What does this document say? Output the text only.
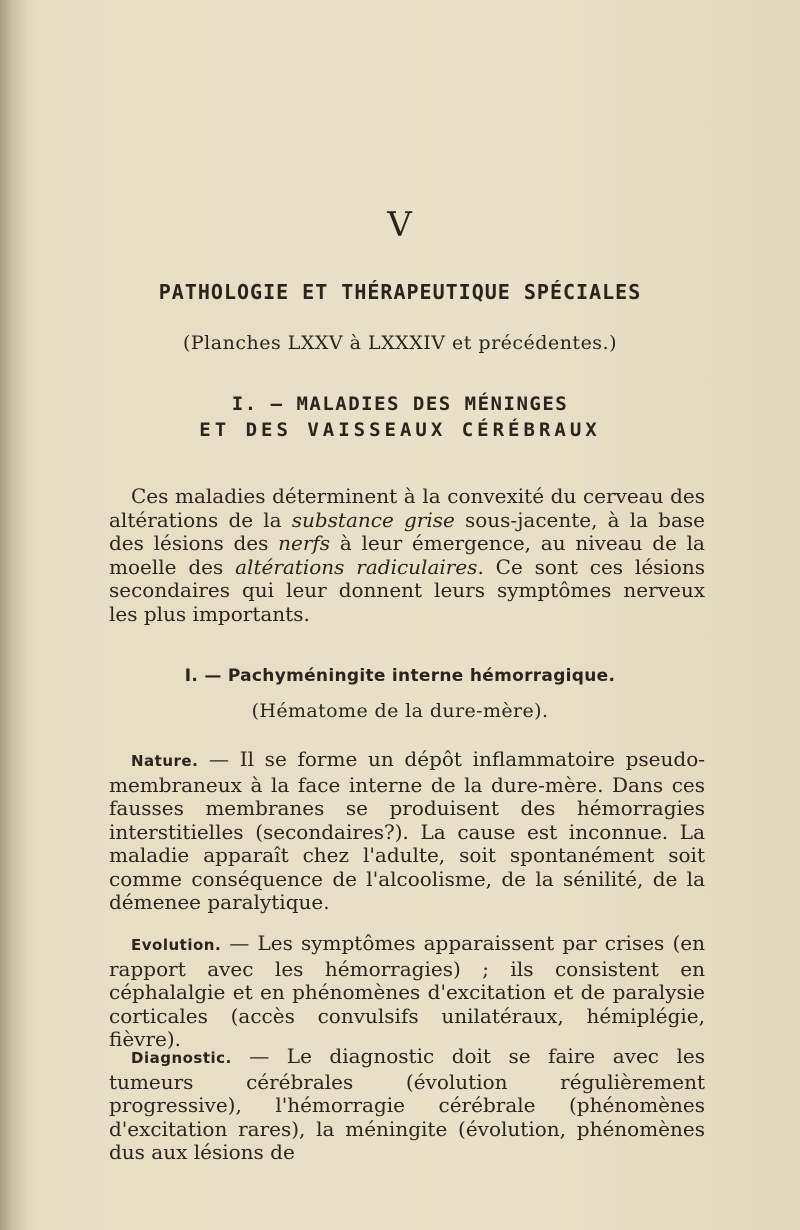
V
PATHOLOGIE ET THÉRAPEUTIQUE SPÉCIALES
(Planches LXXV à LXXXIV et précédentes.)
I. — MALADIES DES MÉNINGES
ET DES VAISSEAUX CÉRÉBRAUX
Ces maladies déterminent à la convexité du cerveau des altérations de la substance grise sous-jacente, à la base des lésions des nerfs à leur émergence, au niveau de la moelle des altérations radiculaires. Ce sont ces lésions secondaires qui leur donnent leurs symptômes nerveux les plus importants.
I. — Pachyméningite interne hémorragique.
(Hématome de la dure-mère).
Nature. — Il se forme un dépôt inflammatoire pseudo-membraneux à la face interne de la dure-mère. Dans ces fausses membranes se produisent des hémorragies interstitielles (secondaires?). La cause est inconnue. La maladie apparaît chez l'adulte, soit spontanément soit comme conséquence de l'alcoolisme, de la sénilité, de la démenee paralytique.
Evolution. — Les symptômes apparaissent par crises (en rapport avec les hémorragies) ; ils consistent en céphalalgie et en phénomènes d'excitation et de paralysie corticales (accès convulsifs unilatéraux, hémiplégie, fièvre).
Diagnostic. — Le diagnostic doit se faire avec les tumeurs cérébrales (évolution régulièrement progressive), l'hémorragie cérébrale (phénomènes d'excitation rares), la méningite (évolution, phénomènes dus aux lésions de
